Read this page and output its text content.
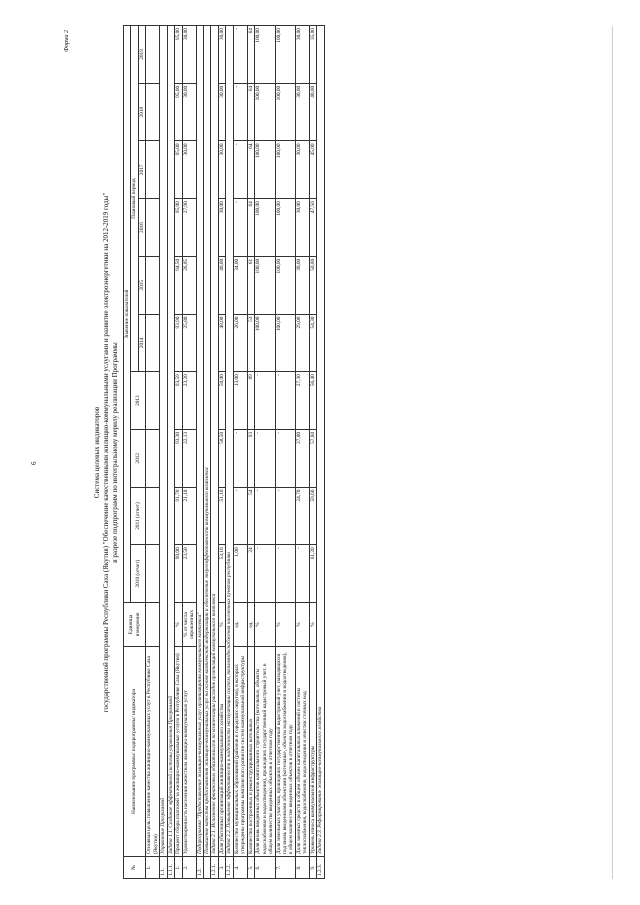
6
Форма 2
Система целевых индикаторов государственной программы Республики Саха (Якутия) "Обеспечение качественными жилищно-коммунальными услугами и развитие электроэнергетики на 2012-2019 годы" в разрезе подпрограмм по интегральному мерилу реализации Программы
№	Наименование программы/ подпрограммы/ индикатора	Единица измерения	Значение показателей									
			2010 (отчет)	2011 (отчет)	2012	2013	Плановый период					
							2014	2015	2016	2017	2018	2019
1.	Основная цель: повышение качества жилищно-коммунальных услуг в Республике Саха (Якутия)											
1.1.	Управление Программой											
1.1.1.	Задача 1.1. Создание эффективной системы управления Программой											
1.	Процент сбора платежей за жилищно-коммунальные услуги в Республике Саха (Якутия)	%	90,00	91,70	93,30	93,59	93,90	94,50	95,00	95,00	95,00	95,00
2.	Удовлетворенность населения качеством жилищно-коммунальных услуг	% от числа опрошенных	23,50	21,10	22,13	23,20	25,80	26,85	27,90	30,00	30,00	30,00
1.2.	Подпрограмма "Предоставление жилищно-коммунальных услуг организациями коммунального комплекса"											
	Повышение качества предоставления жилищно-коммунальных услуг на основе комплексной модернизации и обеспечение энергоэффективности коммунального комплекса											
1.2.1.	Задача 2.1. Исполнение финансовых обязательств по компенсации расходов организаций коммунального комплекса											
3.	Доля убыточных организаций жилищно-коммунального хозяйства	%	53,10	51,10	58,50	50,00	48,00	40,00	30,00	30,00	30,00	30,00
1.2.2.	Задача 2.2. Повышение эффективности и надежности эксплуатации систем, тепловодоснабжения населенных пунктов республики											
4.	Количество муниципальных образований (районов и городских округов), в которых утверждены программы комплексного развития систем коммунальной инфраструктуры	ед.	1,00	-	-	13,00	26,00	34,00	-	-	-	-
5.	Количество построенных и реконструированных котельных	ед.	24	54	93	89	53	61	64	64	64	64
6.	Доля вновь введенных объектов капитального строительства (котельные, объекты водоснабжения и водоотведения), прошедших государственный кадастровый учет, в общем количестве введенных объектов в отчетном году	%	-	-	-	-	100,00	100,00	100,00	100,00	100,00	100,00
7.	Доля земельных участков, прошедших государственный кадастровый учет, находящихся под вновь введенными объектами (котельные, объекты водоснабжения и водоотведения), в общем количестве введенных объектов в отчетном году	%	-	-	-	-	100,00	100,00	100,00	100,00	100,00	100,00
8.	Доля заемных средств в общем объеме капитальных вложений в системы теплоснабжения, водоснабжения, водоотведения и очистки сточных вод	%	-	24,70	27,00	27,30	29,00	30,00	30,00	30,00	30,00	30,00
9.	Уровень износа коммунальной инфраструктуры	%	61,20	59,60	57,60	56,40	54,30	50,80	47,50	45,00	40,00	35,00
1.2.3.	Задача 2.3. Реформирование жилищно-коммунального хозяйства											
